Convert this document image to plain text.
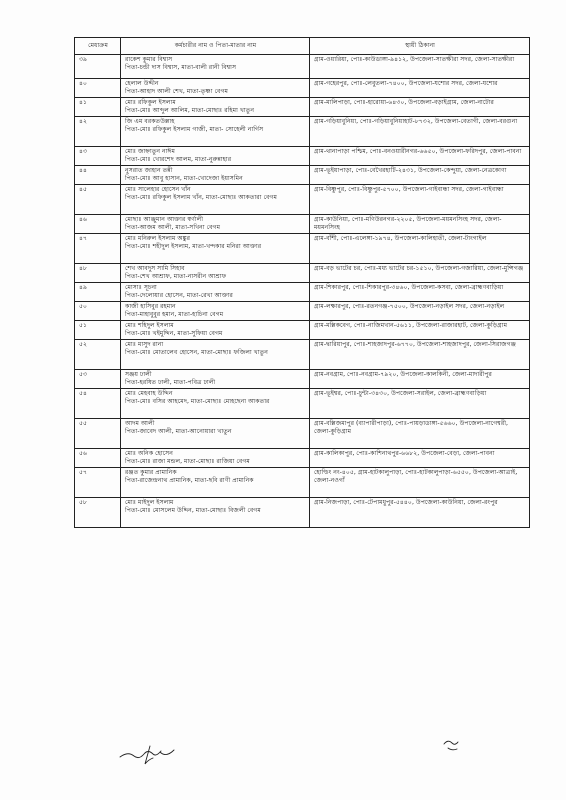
মেধাক্রম	কর্মচারীর নাম ও পিতা-মাতার নাম	স্থায়ী ঠিকানা
৩৯	রাকেশ কুমার বিশ্বাস
পিতা-চন্ডী দাস বিশ্বাস, মাতা-বালী রানী বিশ্বাস	গ্রাম-ওয়ারিয়া, পোঃ-কাউডাঙ্গা-৯৪১২, উপজেলা-সাতক্ষীরা সদর, জেলা-সাতক্ষীরা
৪০	হেলাল উদ্দীন
পিতা-আহাদ আলী শেখ, মাতা-তৃষ্ণা বেগম	গ্রাম-গহেরপুর, পোঃ-লেবুতলা-৭৪০০, উপজেলা-যশোর সদর, জেলা-যশোর
৪১	মোঃ রফিকুল ইসলাম
পিতা-মোঃ আব্দুল আলিম, মাতা-মোছাঃ রহিমা খাতুন	গ্রাম-মালিপাড়া, পোঃ-হারোয়া-৬৪৩০, উপজেলা-বড়াইগ্রাম, জেলা-নাটোর
৪২	জি এম বরকতউল্লাহ
পিতা-মোঃ রফিকুল ইসলাম গাজী, মাতা- সোহেলী নার্গিস	গ্রাম-গড়িয়াবুনিয়া, পোঃ-গড়িয়াবুনিয়াহাট-৮৭৩২, উপজেলা-বেতাগী, জেলা-বরগুনা
৪৩	মোঃ জাহ্নাতুন নাঈম
পিতা-মোঃ খোরশেদ আলম, মাতা-নুরুন্নাহার	গ্রাম-থানাপাড়া পশ্চিম, পোঃ-বনওয়ারীনগর-৬৬৫০, উপজেলা-ফরিদপুর, জেলা-পাবনা
৪৪	নুসরাত জাহান তন্নী
পিতা-মোঃ আবু হাসান, মাতা-খোদেজা ইয়াসমিন	গ্রাম-ভূইয়াপাড়া, পোঃ-বেখৈরহাটি-২৪৩১, উপজেলা-কেন্দুয়া, জেলা-নেত্রকোণা
৪৫	মোঃ সালেহার হোসেন খাঁন
পিতা-মোঃ রফিকুল ইসলাম খাঁন, মাতা-মোছাঃ আকতারা বেগম	গ্রাম-বিষ্ণুপুর, পোঃ-বিষ্ণুপুর-৫৭০০, উপজেলা-গাইবান্ধা সদর, জেলা-গাইবান্ধা
৪৬	মোছাঃ আঞ্জুমান আক্তার স্বর্ণালী
পিতা-আজম আলী, মাতা-সখিনা বেগম	গ্রাম-কাউনিয়া, পোঃ-মণিউরনগর-২২০৫, উপজেলা-ময়মনসিংহ সদর, জেলা-ময়মনসিংহ
৪৭	মোঃ মনিরুল ইসলাম অঙ্কুর
পিতা-মোঃ শহীদুল ইসলাম, মাতা-খন্দকার মনিরা আক্তার	গ্রাম-বাঁশী, পোঃ-এলেঙ্গা-১৯৭৪, উপজেলা-কালিহাতী, জেলা-টাংগাইল
৪৮	শেখ আবদুস সামি সিহাব
পিতা-শেখ আশ্রাফ, মাতা-নাসরীন আশ্রাফ	গ্রাম-বড় ভাটের চর, পোঃ-মধ্য ভাটের চর-১৫১০, উপজেলা-গজারিয়া, জেলা-মুন্সিগঞ্জ
৪৯	মোসাঃ সূচনা
পিতা-দেলোয়ার হোসেন, মাতা-রেখা আক্তার	গ্রাম-শিকারপুর, পোঃ-শিকারপুর-৩৪৬০, উপজেলা-কসবা, জেলা-ব্রাহ্মণবাড়িয়া
৫০	কাজী হাসিবুর রহমান
পিতা-মাহাবুবুর হমান, মাতা-হাচিনা বেগম	গ্রাম-লক্ষারপুর, পোঃ-রতনগঞ্জ-৭৫০০, উপজেলা-নড়াইল সদর, জেলা-নড়াইল
৫১	মোঃ শহিদুল ইসলাম
পিতা-মোঃ খইমুদ্দিন, মাতা-সুফিয়া বেগম	গ্রাম-মল্লিকবেগ, পোঃ-নাজিমখান-৫৬১১, উপজেলা-রাজারহাট, জেলা-কুড়িগ্রাম
৫২	মোঃ মাসুদ রানা
পিতা-মোঃ মোতালেব হোসেন, মাতা-মোছাঃ ফজিলা খাতুন	গ্রাম-দ্বারিয়াপুর, পোঃ-শাহজাদপুর-৬৭৭০, উপজেলা-শাহজাদপুর, জেলা-সিরাজগঞ্জ
৫৩	সঞ্জয় ঢালী
পিতা-হরষিত ঢালী, মাতা-পবিত্র ঢালী	গ্রাম-নবগ্রাম, পোঃ-নবগ্রাম-৭৯২০, উপজেলা-কালকিনী, জেলা-মাদারীপুর
৫৪	মোঃ মেহবাহ উদ্দিন
পিতা-মোঃ বসির আহমেদ, মাতা-মোছাঃ মোহছেনা আকতার	গ্রাম-ভূইশ্বর, পোঃ-চুন্টা-৩৪৩০, উপজেলা-সরাইল, জেলা-ব্রাহ্মণবাড়িয়া
৫৫	আদম আলী
পিতা-জাবেদ আলী, মাতা-আনোয়ারা খাতুন	গ্রাম-বল্লিজমাপুর (ব্যাপারীপাড়া), পোঃ-পায়ড়াডাঙ্গা-৫৬৬০, উপজেলা-নাগেশ্বরী, জেলা-কুড়িগ্রাম
৫৬	মোঃ অনিক হোসেন
পিতা-মোঃ রাজা মন্ডল, মাতা-মোছাঃ রাজিয়া বেগম	গ্রাম-কালিকাপুর, পোঃ-কাশিনাথপুর-৬৬৮২, উপজেলা-বেড়া, জেলা-পাবনা
৫৭	রঞ্জত কুমার প্রামানিক
পিতা-রাজেন্দ্রনাথ প্রামানিক, মাতা-ছবি রাণী প্রামানিক	হোল্ডিং নং-৪০৫, গ্রাম-হাটকালুপাড়া, পোঃ-হাটকালুপাড়া-৬৫৫০, উপজেলা-আত্রাই, জেলা-নওগাঁ
৫৮	মোঃ মাইদুল ইসলাম
পিতা-মোঃ মোসলেম উদ্দিন, মাতা-মোছাঃ বিজলী বেগম	গ্রাম-নিজপাড়া, পোঃ-টেপামধুপুর-৫৪৪০, উপজেলা-কাউনিয়া, জেলা-রংপুর
